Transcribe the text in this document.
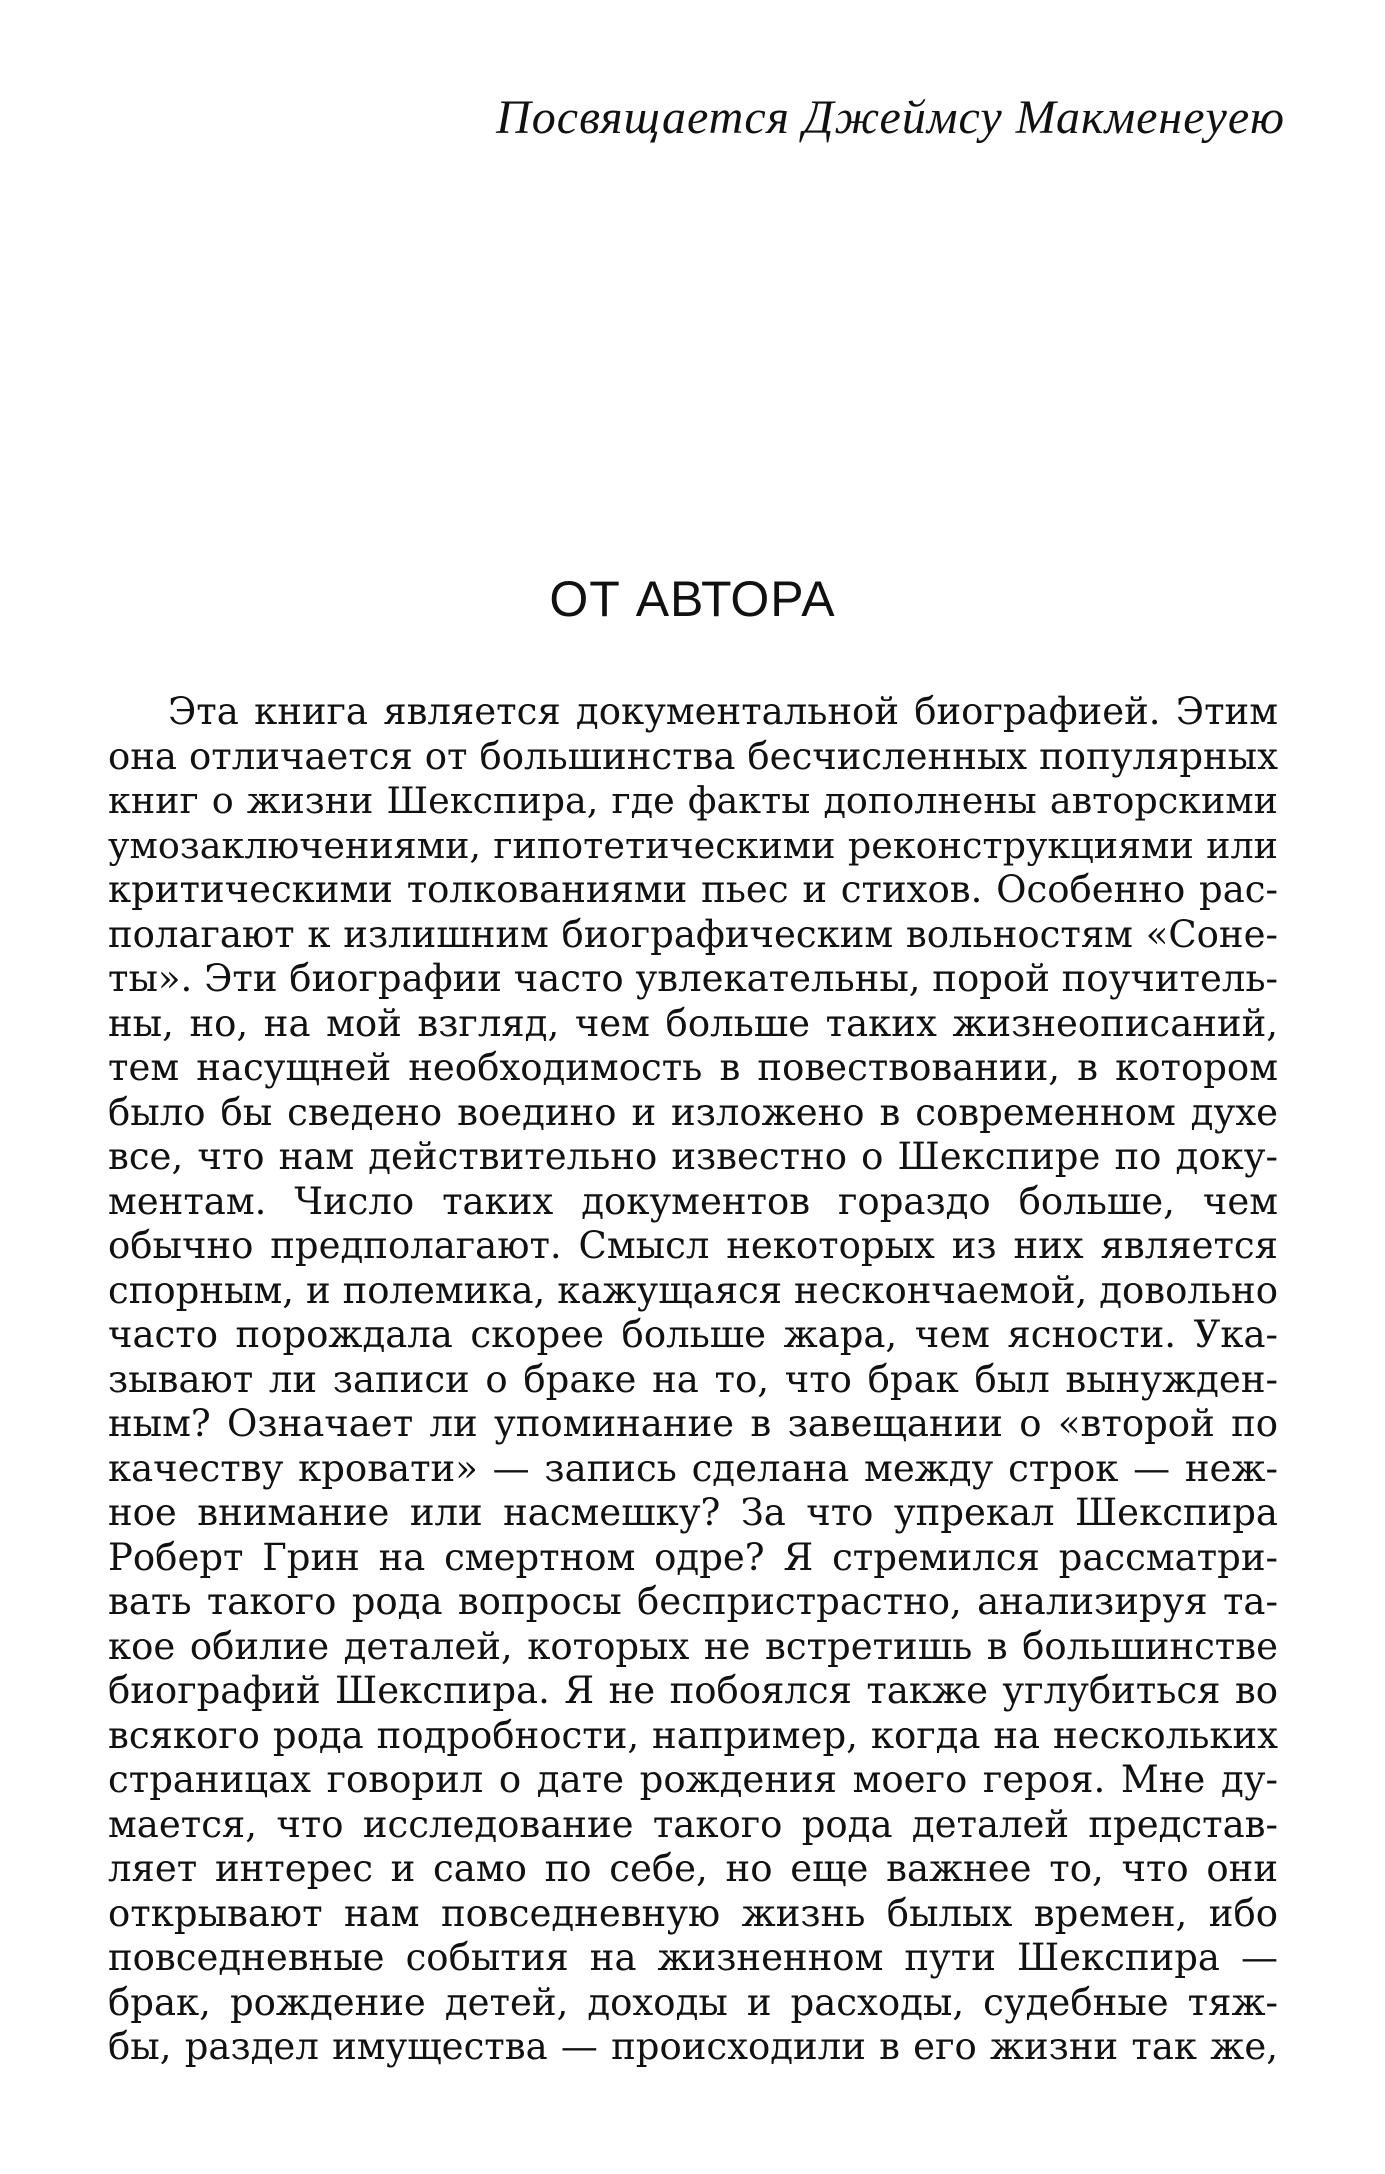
Посвящается Джеймсу Макменеуею

ОТ АВТОРА
Эта книга является документальной биографией. Этим
она отличается от большинства бесчисленных популярных
книг о жизни Шекспира, где факты дополнены авторскими
умозаключениями, гипотетическими реконструкциями или
критическими толкованиями пьес и стихов. Особенно рас-
полагают к излишним биографическим вольностям «Соне-
ты». Эти биографии часто увлекательны, порой поучитель-
ны, но, на мой взгляд, чем больше таких жизнеописаний,
тем насущней необходимость в повествовании, в котором
было бы сведено воедино и изложено в современном духе
все, что нам действительно известно о Шекспире по доку-
ментам. Число таких документов гораздо больше, чем
обычно предполагают. Смысл некоторых из них является
спорным, и полемика, кажущаяся нескончаемой, довольно
часто порождала скорее больше жара, чем ясности. Ука-
зывают ли записи о браке на то, что брак был вынужден-
ным? Означает ли упоминание в завещании о «второй по
качеству кровати» — запись сделана между строк — неж-
ное внимание или насмешку? За что упрекал Шекспира
Роберт Грин на смертном одре? Я стремился рассматри-
вать такого рода вопросы беспристрастно, анализируя та-
кое обилие деталей, которых не встретишь в большинстве
биографий Шекспира. Я не побоялся также углубиться во
всякого рода подробности, например, когда на нескольких
страницах говорил о дате рождения моего героя. Мне ду-
мается, что исследование такого рода деталей представ-
ляет интерес и само по себе, но еще важнее то, что они
открывают нам повседневную жизнь былых времен, ибо
повседневные события на жизненном пути Шекспира —
брак, рождение детей, доходы и расходы, судебные тяж-
бы, раздел имущества — происходили в его жизни так же,
